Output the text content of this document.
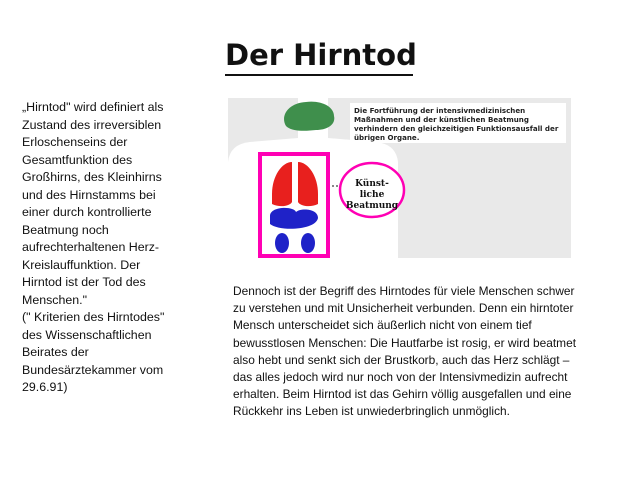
Der Hirntod
„Hirntod" wird definiert als
Zustand des irreversiblen
Erloschenseins der
Gesamtfunktion des
Großhirns, des Kleinhirns
und des Hirnstamms bei
einer durch kontrollierte
Beatmung noch
aufrechterhaltenen Herz-
Kreislauffunktion. Der
Hirntod ist der Tod des
Menschen."
(" Kriterien des Hirntodes"
des Wissenschaftlichen
Beirates der
Bundesärztekammer vom
29.6.91)
Die Fortführung der intensivmedizinischen Maßnahmen und der künstlichen Beatmung verhindern den gleichzeitigen Funktionsausfall der übrigen Organe.
Künst-
liche
Beatmung
Dennoch ist der Begriff des Hirntodes für viele Menschen schwer zu verstehen und mit Unsicherheit verbunden. Denn ein hirntoter Mensch unterscheidet sich äußerlich nicht von einem tief bewusstlosen Menschen: Die Hautfarbe ist rosig, er wird beatmet also hebt und senkt sich der Brustkorb, auch das Herz schlägt – das alles jedoch wird nur noch von der Intensivmedizin aufrecht erhalten. Beim Hirntod ist das Gehirn völlig ausgefallen und eine Rückkehr ins Leben ist unwiederbringlich unmöglich.
